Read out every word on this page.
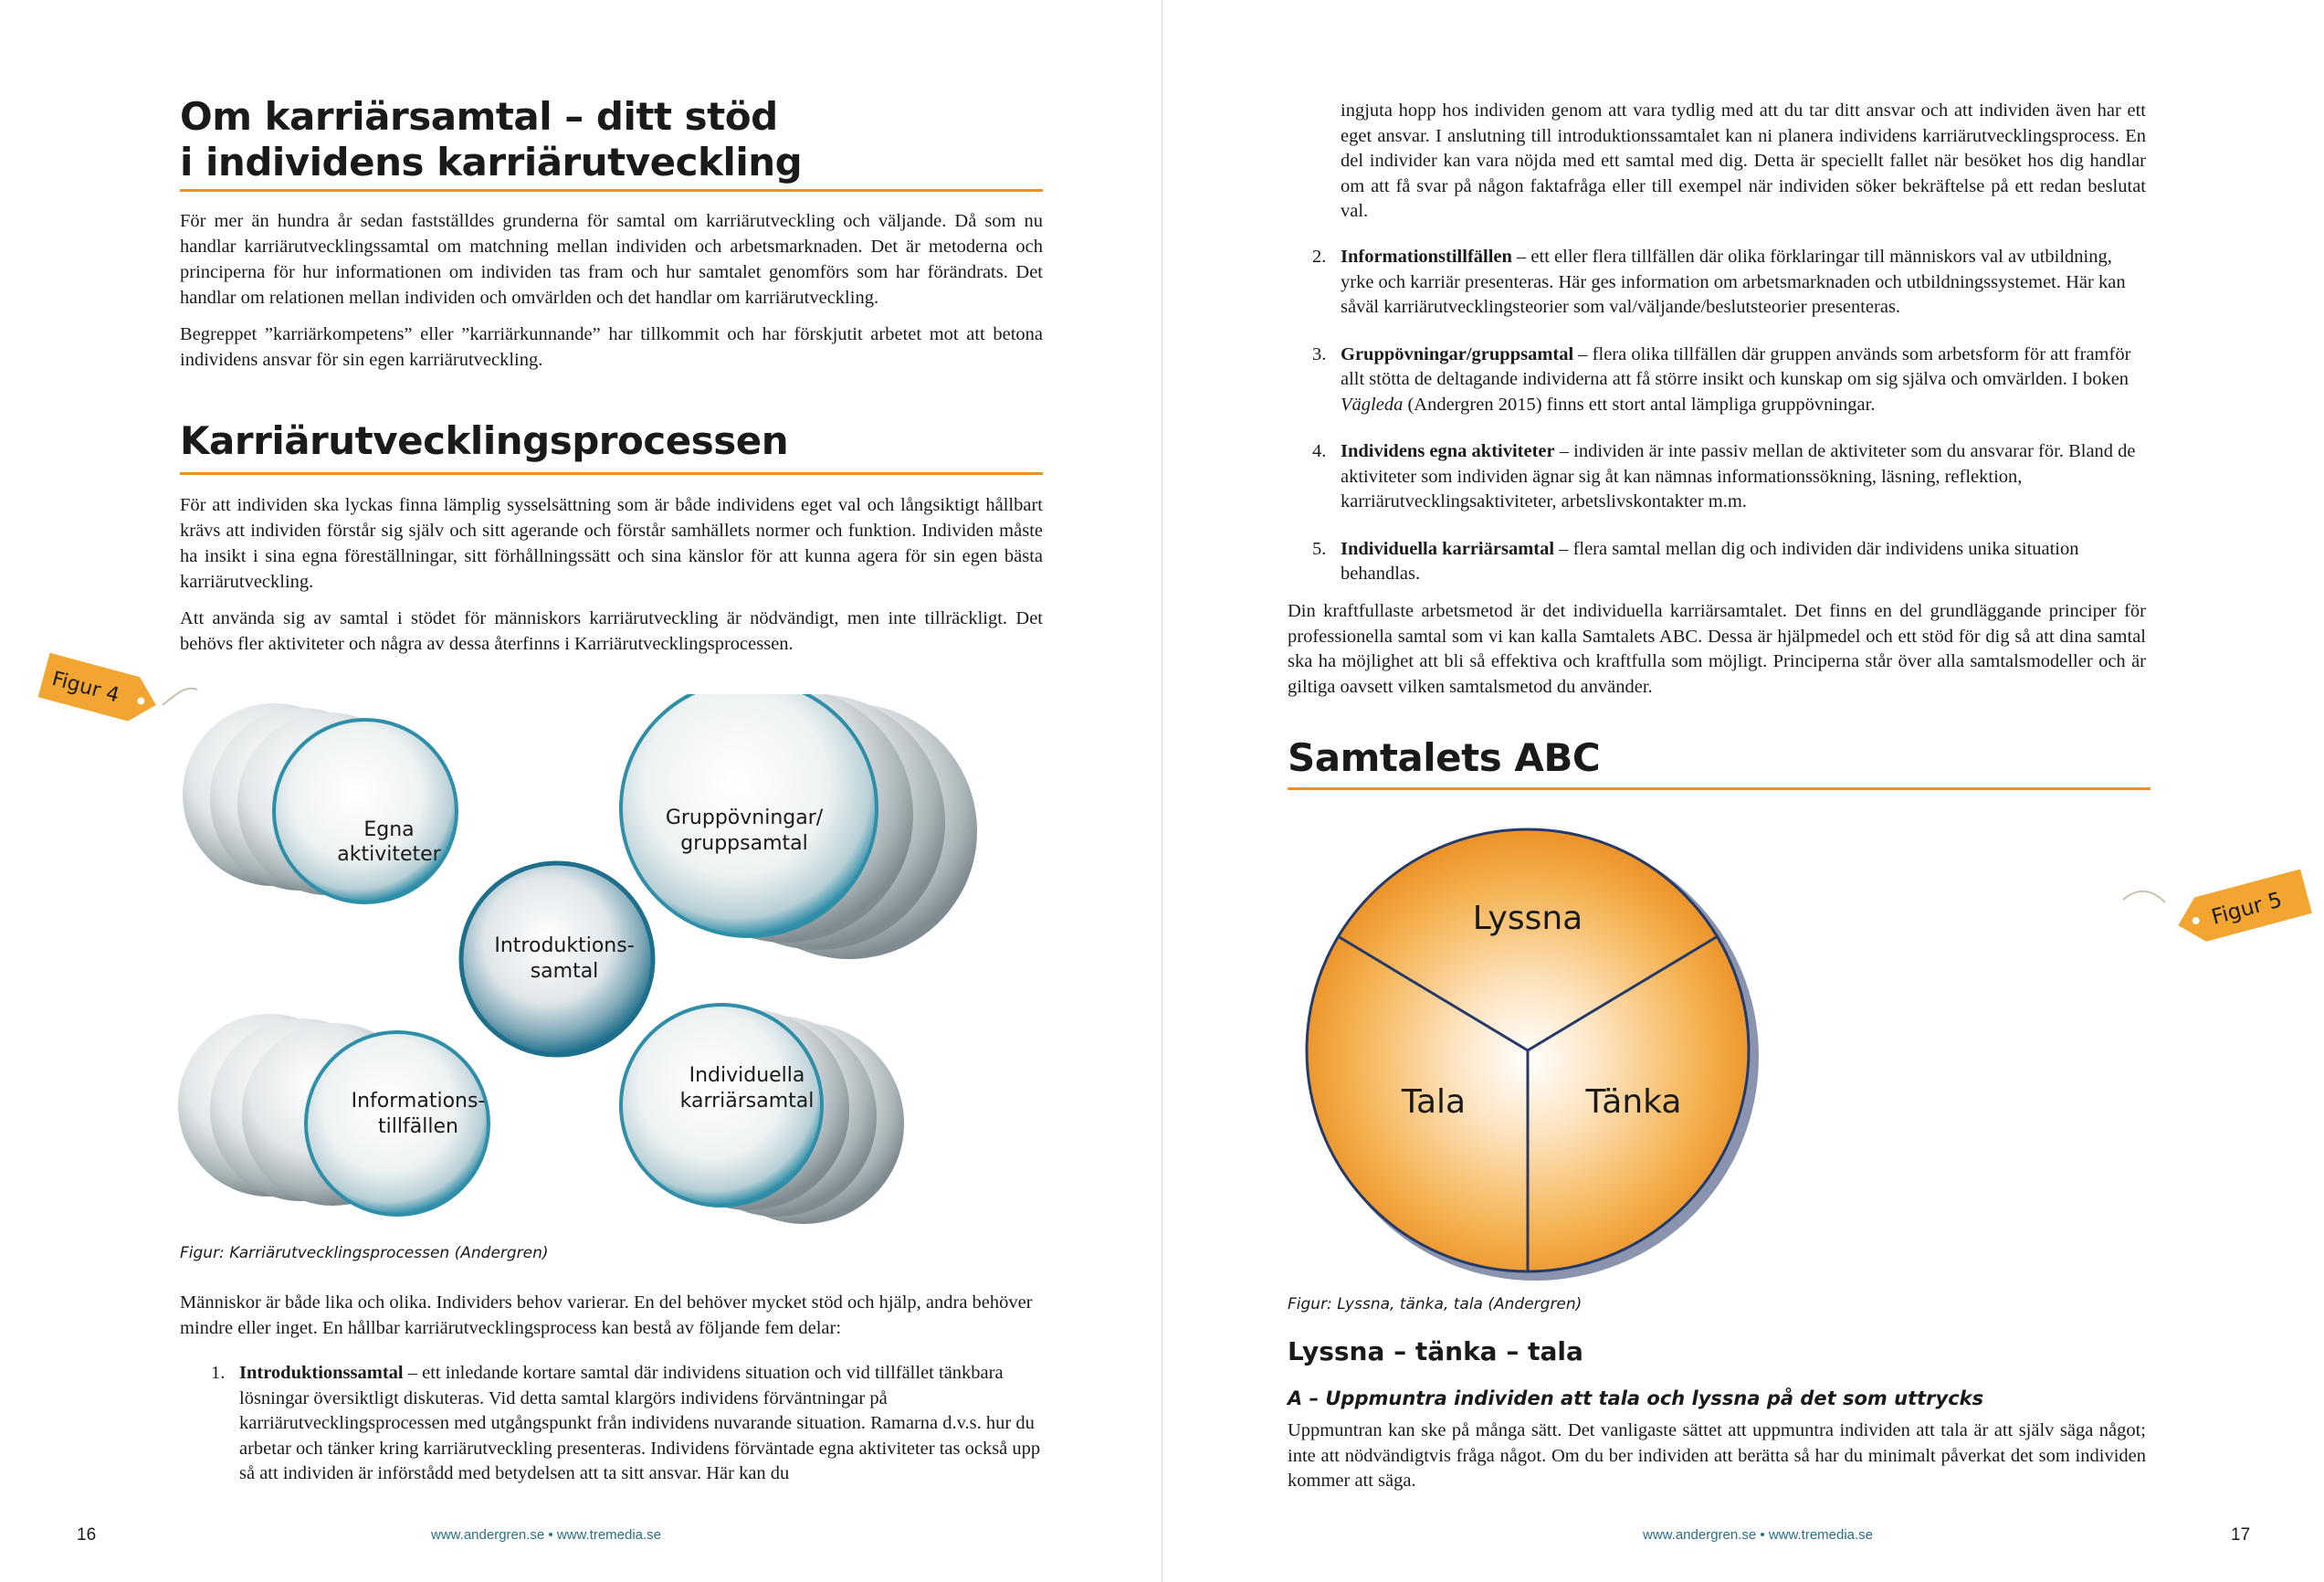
Om karriärsamtal – ditt stöd
i individens karriärutveckling

För mer än hundra år sedan fastställdes grunderna för samtal om karriärutveckling och väljande. Då som nu handlar karriärutvecklingssamtal om matchning mellan individen och arbetsmarknaden. Det är metoderna och principerna för hur informationen om individen tas fram och hur samtalet genomförs som har förändrats. Det handlar om relationen mellan individen och omvärlden och det handlar om karriärutveckling.

Begreppet ”karriärkompetens” eller ”karriärkunnande” har tillkommit och har förskjutit arbetet mot att betona individens ansvar för sin egen karriärutveckling.

Karriärutvecklingsprocessen

För att individen ska lyckas finna lämplig sysselsättning som är både individens eget val och långsiktigt hållbart krävs att individen förstår sig själv och sitt agerande och förstår samhällets normer och funktion. Individen måste ha insikt i sina egna föreställningar, sitt förhållningssätt och sina känslor för att kunna agera för sin egen bästa karriärutveckling.

Att använda sig av samtal i stödet för människors karriärutveckling är nödvändigt, men inte tillräckligt. Det behövs fler aktiviteter och några av dessa återfinns i Karriärutvecklingsprocessen.

Figur 4
Egna
aktiviteter
Gruppövningar/
gruppsamtal
Informations-
tillfällen
Individuella
karriärsamtal
Introduktions-
samtal

Figur: Karriärutvecklingsprocessen (Andergren)

Människor är både lika och olika. Individers behov varierar. En del behöver mycket stöd och hjälp, andra behöver mindre eller inget. En hållbar karriärutvecklingsprocess kan bestå av följande fem delar:

1. Introduktionssamtal – ett inledande kortare samtal där individens situation och vid tillfället tänkbara lösningar översiktligt diskuteras. Vid detta samtal klargörs individens förväntningar på karriärutvecklingsprocessen med utgångspunkt från individens nuvarande situation. Ramarna d.v.s. hur du arbetar och tänker kring karriärutveckling presenteras. Individens förväntade egna aktiviteter tas också upp så att individen är införstådd med betydelsen att ta sitt ansvar. Här kan du
16	www.andergren.se • www.tremedia.se

ingjuta hopp hos individen genom att vara tydlig med att du tar ditt ansvar och att individen även har ett eget ansvar. I anslutning till introduktionssamtalet kan ni planera individens karriärutvecklingsprocess. En del individer kan vara nöjda med ett samtal med dig. Detta är speciellt fallet när besöket hos dig handlar om att få svar på någon faktafråga eller till exempel när individen söker bekräftelse på ett redan beslutat val.

2. Informationstillfällen – ett eller flera tillfällen där olika förklaringar till människors val av utbildning, yrke och karriär presenteras. Här ges information om arbetsmarknaden och utbildningssystemet. Här kan såväl karriärutvecklingsteorier som val/väljande/beslutsteorier presenteras.
3. Gruppövningar/gruppsamtal – flera olika tillfällen där gruppen används som arbetsform för att framför allt stötta de deltagande individerna att få större insikt och kunskap om sig själva och omvärlden. I boken Vägleda (Andergren 2015) finns ett stort antal lämpliga gruppövningar.
4. Individens egna aktiviteter – individen är inte passiv mellan de aktiviteter som du ansvarar för. Bland de aktiviteter som individen ägnar sig åt kan nämnas informationssökning, läsning, reflektion, karriärutvecklingsaktiviteter, arbetslivskontakter m.m.
5. Individuella karriärsamtal – flera samtal mellan dig och individen där individens unika situation behandlas.

Din kraftfullaste arbetsmetod är det individuella karriärsamtalet. Det finns en del grundläggande principer för professionella samtal som vi kan kalla Samtalets ABC. Dessa är hjälpmedel och ett stöd för dig så att dina samtal ska ha möjlighet att bli så effektiva och kraftfulla som möjligt. Principerna står över alla samtalsmodeller och är giltiga oavsett vilken samtalsmetod du använder.

Samtalets ABC
Figur 5
Lyssna
Tala	Tänka

Figur: Lyssna, tänka, tala (Andergren)

Lyssna – tänka – tala
A – Uppmuntra individen att tala och lyssna på det som uttrycks

Uppmuntran kan ske på många sätt. Det vanligaste sättet att uppmuntra individen att tala är att själv säga något; inte att nödvändigtvis fråga något. Om du ber individen att berätta så har du minimalt påverkat det som individen kommer att säga.

www.andergren.se • www.tremedia.se	17
